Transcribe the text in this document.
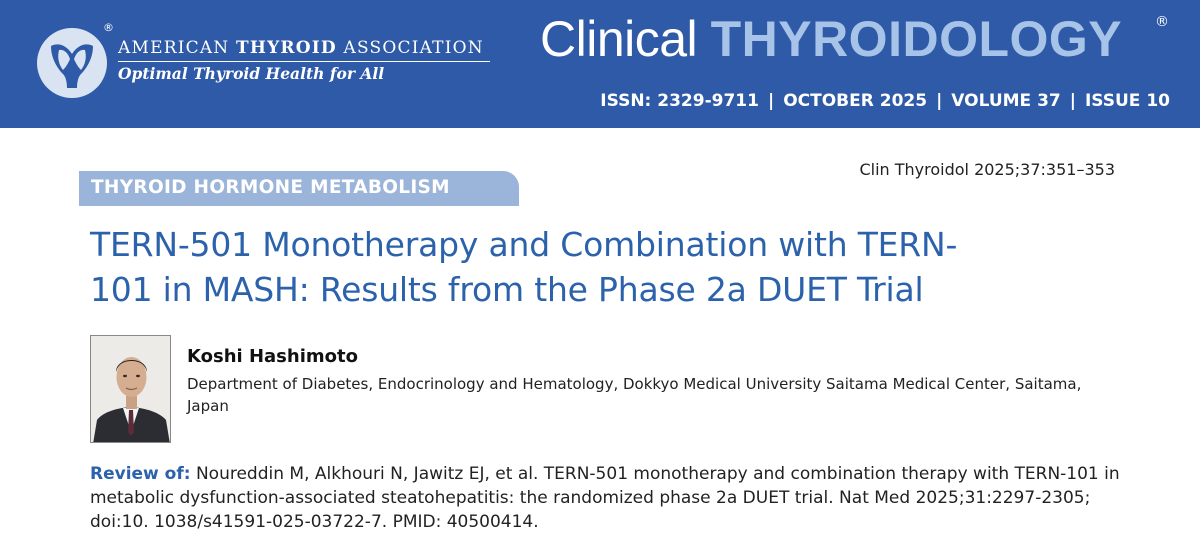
®
AMERICAN THYROID ASSOCIATION
Optimal Thyroid Health for All
Clinical THYROIDOLOGY ®
ISSN: 2329-9711 | OCTOBER 2025 | VOLUME 37 | ISSUE 10
Clin Thyroidol 2025;37:351–353
THYROID HORMONE METABOLISM
TERN-501 Monotherapy and Combination with TERN-
101 in MASH: Results from the Phase 2a DUET Trial
Koshi Hashimoto
Department of Diabetes, Endocrinology and Hematology, Dokkyo Medical University Saitama Medical Center, Saitama, Japan
Review of: Noureddin M, Alkhouri N, Jawitz EJ, et al. TERN-501 monotherapy and combination therapy with TERN-101 in metabolic dysfunction-associated steatohepatitis: the randomized phase 2a DUET trial. Nat Med 2025;31:2297-2305; doi:10. 1038/s41591-025-03722-7. PMID: 40500414.
